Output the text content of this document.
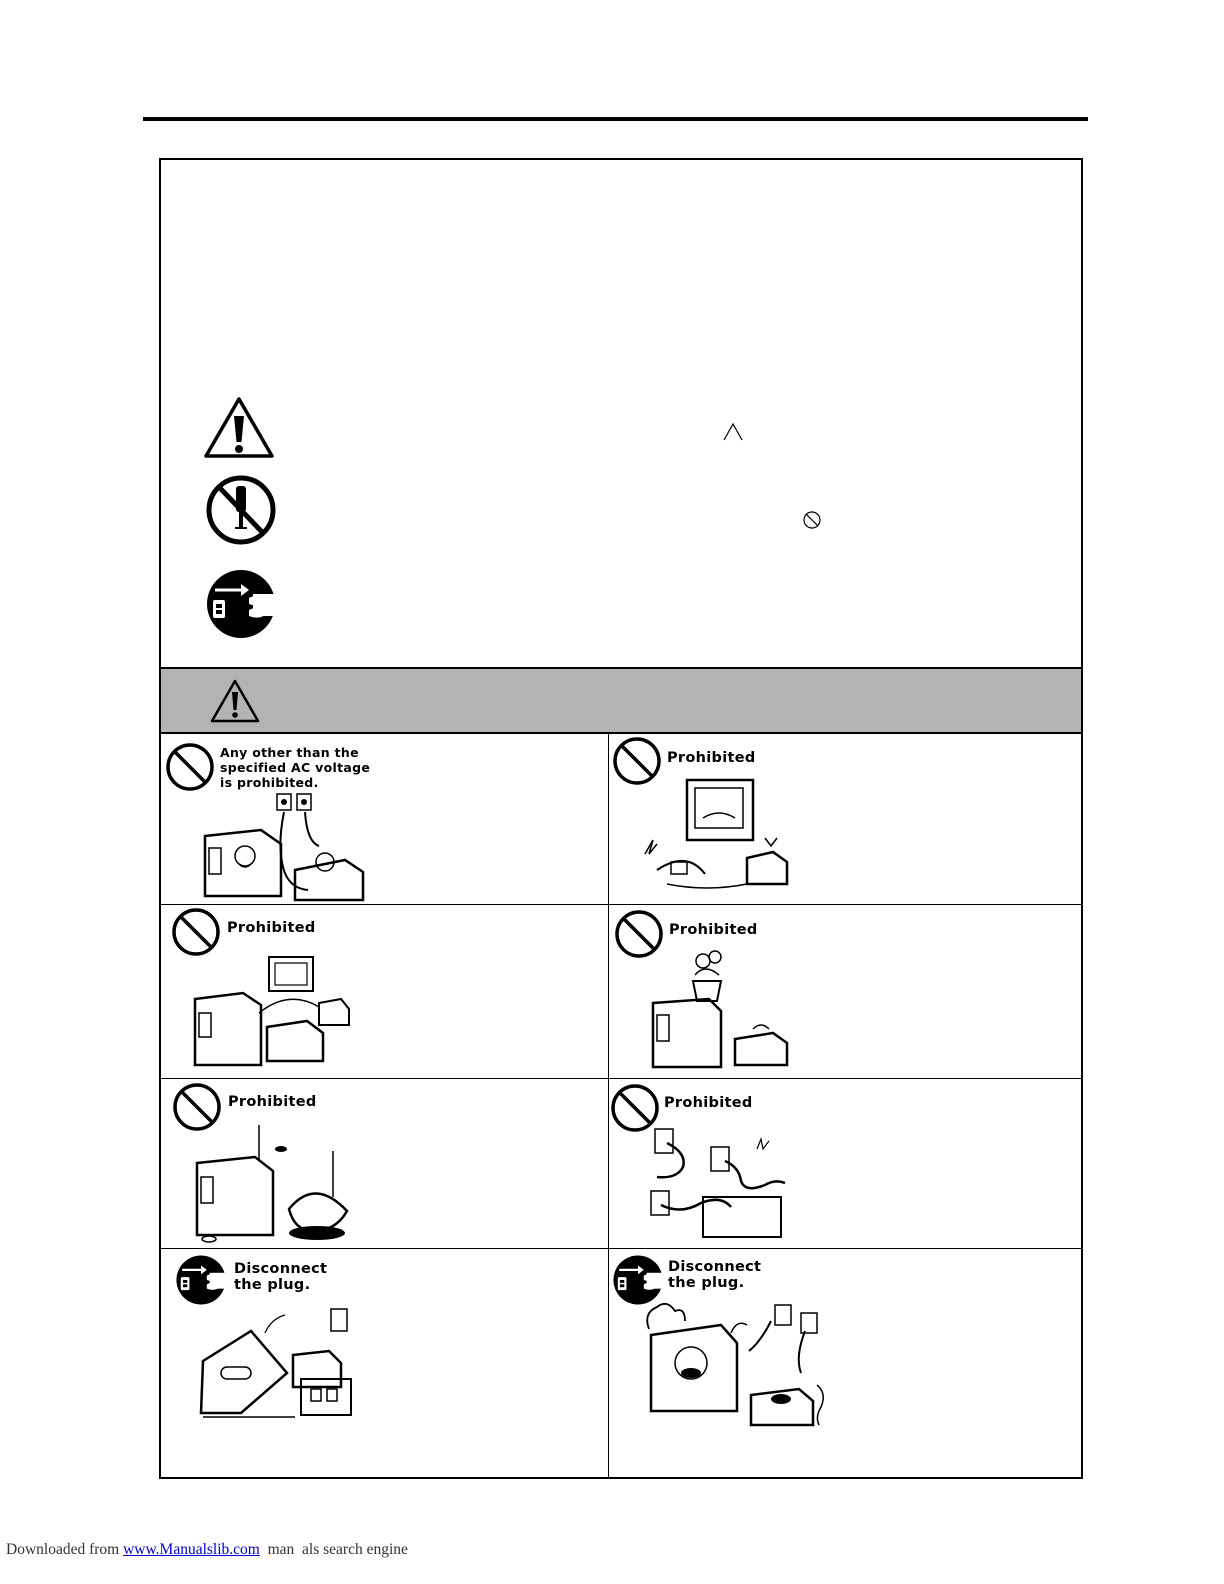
Any other than the
specified AC voltage
is prohibited.
Prohibited
Prohibited	Prohibited
Prohibited	Prohibited
Disconnect
the plug.
Disconnect
the plug.
Downloaded from www.Manualslib.com  man  als search engine
